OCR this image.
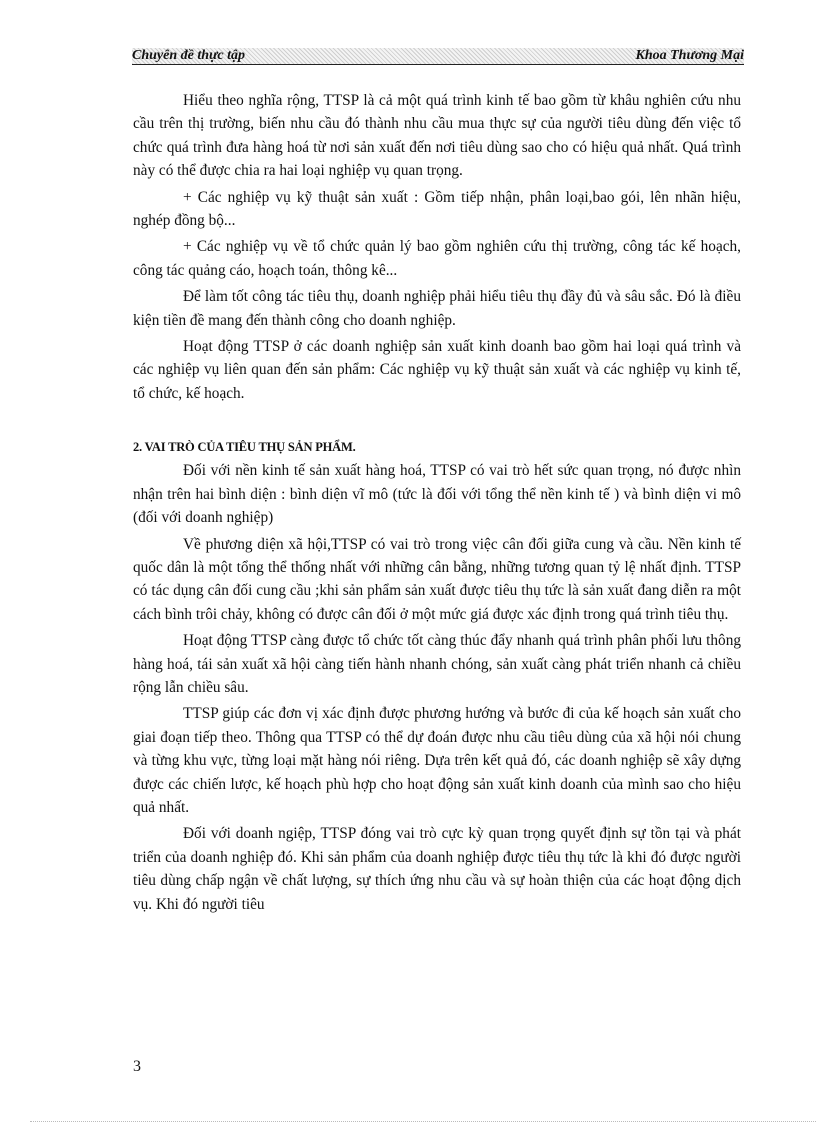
Chuyên đề thực tập	Khoa Thương Mại

Hiểu theo nghĩa rộng, TTSP là cả một quá trình kinh tế bao gồm từ khâu nghiên cứu nhu cầu trên thị trường, biến nhu cầu đó thành nhu cầu mua thực sự của người tiêu dùng đến việc tổ chức quá trình đưa hàng hoá từ nơi sản xuất đến nơi tiêu dùng sao cho có hiệu quả nhất. Quá trình này có thể được chia ra hai loại nghiệp vụ quan trọng.

+ Các nghiệp vụ kỹ thuật sản xuất : Gồm tiếp nhận, phân loại,bao gói, lên nhãn hiệu, nghép đồng bộ...

+ Các nghiệp vụ về tổ chức quản lý bao gồm nghiên cứu thị trường, công tác kế hoạch, công tác quảng cáo, hoạch toán, thông kê...

Để làm tốt công tác tiêu thụ, doanh nghiệp phải hiểu tiêu thụ đầy đủ và sâu sắc. Đó là điều kiện tiền đề mang đến thành công cho doanh nghiệp.

Hoạt động TTSP ở các doanh nghiệp sản xuất kinh doanh bao gồm hai loại quá trình và các nghiệp vụ liên quan đến sản phẩm: Các nghiệp vụ kỹ thuật sản xuất và các nghiệp vụ kinh tế, tổ chức, kế hoạch.

2. VAI TRÒ CỦA TIÊU THỤ SẢN PHẨM.

Đối với nền kinh tế sản xuất hàng hoá, TTSP có vai trò hết sức quan trọng, nó được nhìn nhận trên hai bình diện : bình diện vĩ mô (tức là đối với tổng thể nền kinh tế ) và bình diện vi mô (đối với doanh nghiệp)

Về phương diện xã hội,TTSP có vai trò trong việc cân đối giữa cung và cầu. Nền kinh tế quốc dân là một tổng thể thống nhất với những cân bằng, những tương quan tỷ lệ nhất định. TTSP có tác dụng cân đối cung cầu ;khi sản phẩm sản xuất được tiêu thụ tức là sản xuất đang diễn ra một cách bình trôi chảy, không có được cân đối ở một mức giá được xác định trong quá trình tiêu thụ.

Hoạt động TTSP càng được tổ chức tốt càng thúc đẩy nhanh quá trình phân phối lưu thông hàng hoá, tái sản xuất xã hội càng tiến hành nhanh chóng, sản xuất càng phát triển nhanh cả chiều rộng lẫn chiều sâu.

TTSP giúp các đơn vị xác định được phương hướng và bước đi của kế hoạch sản xuất cho giai đoạn tiếp theo. Thông qua TTSP có thể dự đoán được nhu cầu tiêu dùng của xã hội nói chung và từng khu vực, từng loại mặt hàng nói riêng. Dựa trên kết quả đó, các doanh nghiệp sẽ xây dựng được các chiến lược, kế hoạch phù hợp cho hoạt động sản xuất kinh doanh của mình sao cho hiệu quả nhất.

Đối với doanh ngiệp, TTSP đóng vai trò cực kỳ quan trọng quyết định sự tồn tại và phát triển của doanh nghiệp đó. Khi sản phẩm của doanh nghiệp được tiêu thụ tức là khi đó được người tiêu dùng chấp ngận về chất lượng, sự thích ứng nhu cầu và sự hoàn thiện của các hoạt động dịch vụ. Khi đó người tiêu

3
